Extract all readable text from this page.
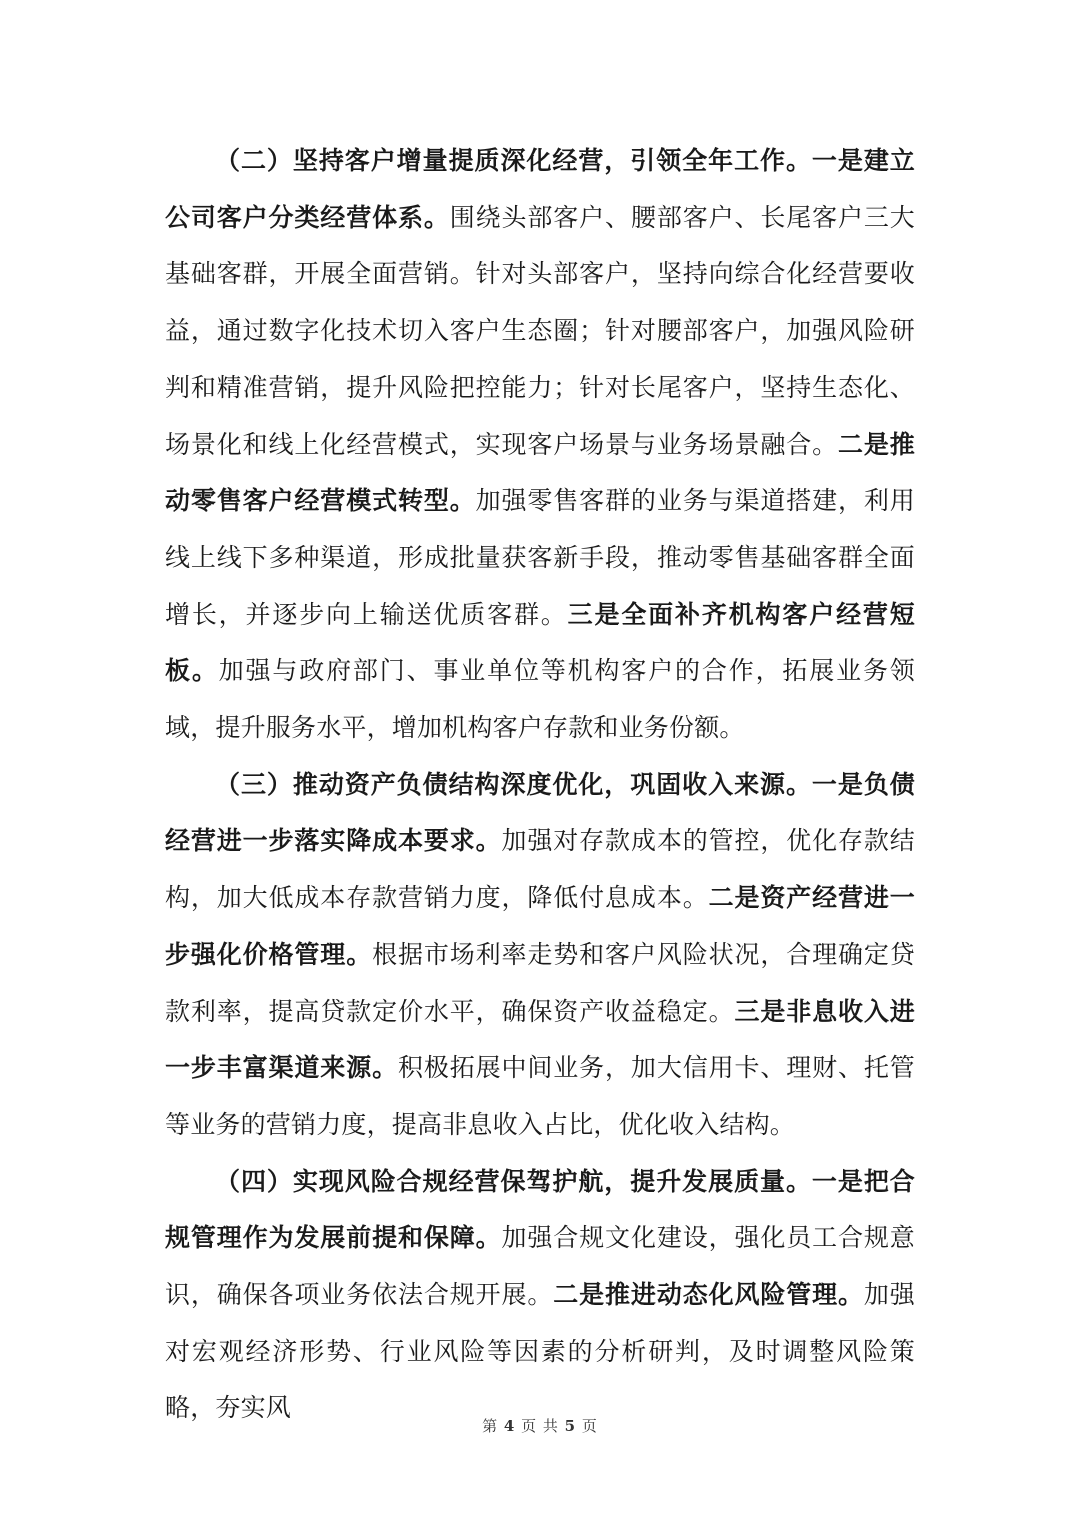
（二）坚持客户增量提质深化经营，引领全年工作。一是建立公司客户分类经营体系。围绕头部客户、腰部客户、长尾客户三大基础客群，开展全面营销。针对头部客户，坚持向综合化经营要收益，通过数字化技术切入客户生态圈；针对腰部客户，加强风险研判和精准营销，提升风险把控能力；针对长尾客户，坚持生态化、场景化和线上化经营模式，实现客户场景与业务场景融合。二是推动零售客户经营模式转型。加强零售客群的业务与渠道搭建，利用线上线下多种渠道，形成批量获客新手段，推动零售基础客群全面增长，并逐步向上输送优质客群。三是全面补齐机构客户经营短板。加强与政府部门、事业单位等机构客户的合作，拓展业务领域，提升服务水平，增加机构客户存款和业务份额。

（三）推动资产负债结构深度优化，巩固收入来源。一是负债经营进一步落实降成本要求。加强对存款成本的管控，优化存款结构，加大低成本存款营销力度，降低付息成本。二是资产经营进一步强化价格管理。根据市场利率走势和客户风险状况，合理确定贷款利率，提高贷款定价水平，确保资产收益稳定。三是非息收入进一步丰富渠道来源。积极拓展中间业务，加大信用卡、理财、托管等业务的营销力度，提高非息收入占比，优化收入结构。

（四）实现风险合规经营保驾护航，提升发展质量。一是把合规管理作为发展前提和保障。加强合规文化建设，强化员工合规意识，确保各项业务依法合规开展。二是推进动态化风险管理。加强对宏观经济形势、行业风险等因素的分析研判，及时调整风险策略，夯实风

第 4 页 共 5 页
